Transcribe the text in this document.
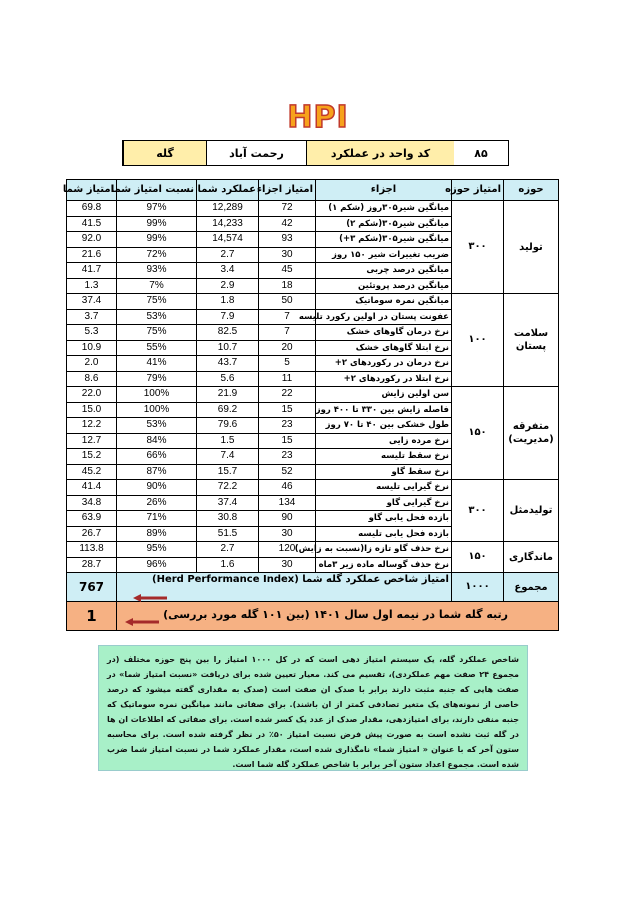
HPI
۸۵
کد واحد در عملکرد
رحمت آباد
گله
حوزه	امتیاز حوزه	اجزاء	امتیاز اجزاء	عملکرد شما	نسبت امتیاز شما	امتیاز شما
تولید	۳۰۰	میانگین شیر۳۰۵روز (شکم ۱)	72	12,289	97%	69.8
		میانگین شیر۳۰۵(شکم ۲)	42	14,233	99%	41.5
		میانگین شیر۳۰۵(شکم ۳+)	93	14,574	99%	92.0
		ضریب تغییرات شیر ۱۵۰ روز	30	2.7	72%	21.6
		میانگین درصد چربی	45	3.4	93%	41.7
		میانگین درصد پروتئین	18	2.9	7%	1.3
سلامت پستان	۱۰۰	میانگین نمره سوماتیک	50	1.8	75%	37.4
		عفونت پستان در اولین رکورد تلیسه	7	7.9	53%	3.7
		نرخ درمان گاوهای خشک	7	82.5	75%	5.3
		نرخ ابتلا گاوهای خشک	20	10.7	55%	10.9
		نرخ درمان در رکوردهای ۲+	5	43.7	41%	2.0
		نرخ ابتلا در رکوردهای ۲+	11	5.6	79%	8.6
متفرقه (مدیریت)	۱۵۰	سن اولین زایش	22	21.9	100%	22.0
		فاصله زایش بین ۳۳۰ تا ۴۰۰ روز	15	69.2	100%	15.0
		طول خشکی بین ۴۰ تا ۷۰ روز	23	79.6	53%	12.2
		نرخ مرده زایی	15	1.5	84%	12.7
		نرخ سقط تلیسه	23	7.4	66%	15.2
		نرخ سقط گاو	52	15.7	87%	45.2
تولیدمثل	۳۰۰	نرخ گیرایی تلیسه	46	72.2	90%	41.4
		نرخ گیرایی گاو	134	37.4	26%	34.8
		بازده فحل یابی گاو	90	30.8	71%	63.9
		بازده فحل یابی تلیسه	30	51.5	89%	26.7
ماندگاری	۱۵۰	نرخ حذف گاو تازه زا(نسبت به زایش)	120	2.7	95%	113.8
		نرخ حذف گوساله ماده زیر ۳ماه	30	1.6	96%	28.7
مجموع	۱۰۰۰	امتیاز شاخص عملکرد گله شما (Herd Performance Index)				767
رتبه گله شما در نیمه اول سال ۱۴۰۱ (بین ۱۰۱ گله مورد بررسی)						1
شاخص عملکرد گله، یک سیستم امتیاز دهی است که در کل ۱۰۰۰ امتیاز را بین پنج حوزه مختلف (در مجموع ۲۴ صفت مهم عملکردی)، تقسیم می کند. معیار تعیین شده برای دریافت «نسبت امتیاز شما» در صفت هایی که جنبه مثبت دارند برابر با صدک ان صفت است (صدک به مقداری گفته میشود که درصد خاصی از نمونه‌های یک متغیر تصادفی کمتر از ان باشند). برای صفاتی مانند میانگین نمره سوماتیک که جنبه منفی دارند، برای امتیازدهی، مقدار صدک از عدد یک کسر شده است. برای صفاتی که اطلاعات ان ها در گله ثبت نشده است به صورت پیش فرض نسبت امتیاز ۵۰٪ در نظر گرفته شده است. برای محاسبه ستون آخر که با عنوان « امتیاز شما» نامگذاری شده است، مقدار عملکرد شما در نسبت امتیاز شما ضرب شده است. مجموع اعداد ستون آخر برابر با شاخص عملکرد گله شما است.
